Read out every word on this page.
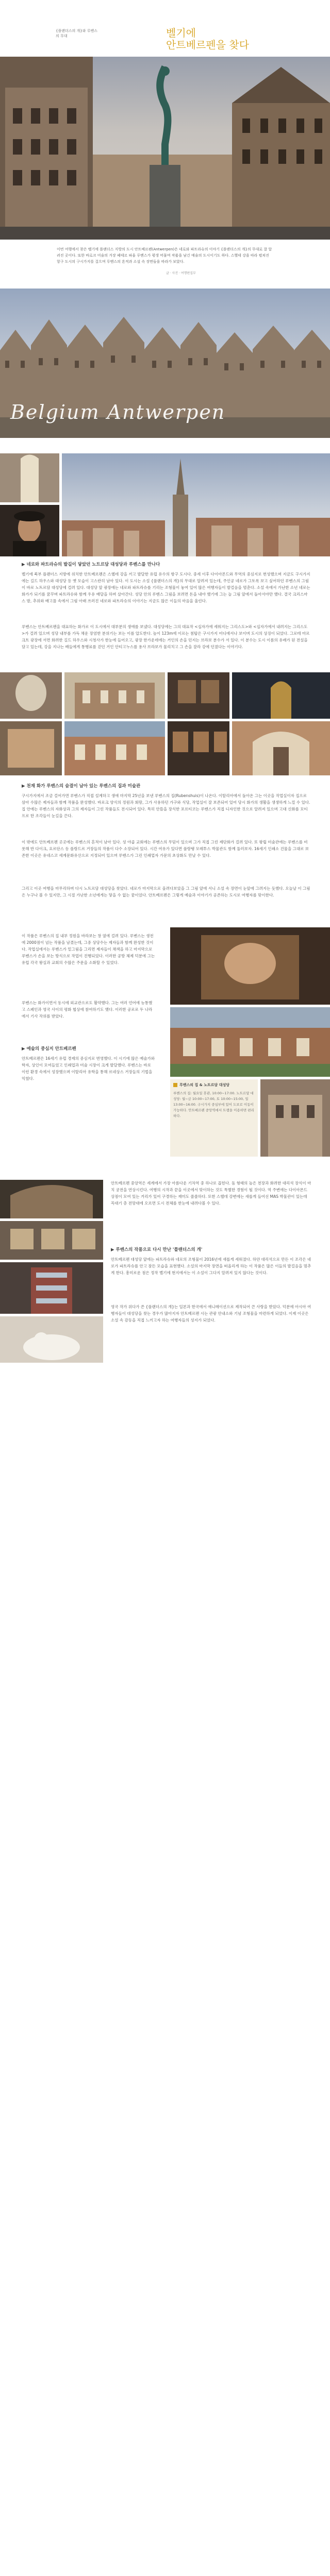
{플랜더스의 개}와 루벤스의 무대	벨기에
안트베르펜을 찾다
이번 여행에서 찾은 벨기에 플랜더스 지방의 도시 안트베르펜(Antwerpen)은 네로와 파트라슈의 이야기 {플랜더스의 개}의 무대로 잘 알려진 곳이다. 또한 바로크 미술의 거장 페테르 파울 루벤스가 평생 머물며 작품을 남긴 예술의 도시이기도 하다. 스헬데 강을 따라 펼쳐진 항구 도시의 구시가지를 걸으며 루벤스의 흔적과 소설 속 장면들을 따라가 보았다.
글 · 사진 · 여행편집부
Belgium Antwerpen
▶ 네로와 파트라슈의 발길이 닿았던 노트르담 대성당과 루벤스를 만나다
벨기에 북부 플랜더스 지방에 위치한 안트베르펜은 스헬데 강을 끼고 발달한 유럽 유수의 항구 도시다. 중세 이후 다이아몬드와 무역의 중심지로 번성했으며 지금도 구시가지에는 길드 하우스와 대성당 등 옛 모습이 고스란히 남아 있다. 이 도시는 소설 {플랜더스의 개}의 무대로 알려져 있는데, 주인공 네로가 그토록 보고 싶어하던 루벤스의 그림이 바로 노트르담 대성당에 걸려 있다. 대성당 앞 광장에는 네로와 파트라슈를 기리는 조형물이 놓여 있어 많은 여행자들이 발걸음을 멈춘다. 소설 속에서 가난한 소년 네로는 화가가 되기를 꿈꾸며 파트라슈와 함께 우유 배달을 하며 살아간다. 성당 안의 루벤스 그림을 보려면 돈을 내야 했기에 그는 늘 그림 앞에서 돌아서야만 했다. 결국 크리스마스 밤, 추위와 배고픔 속에서 그림 아래 쓰러진 네로와 파트라슈의 이야기는 지금도 많은 이들의 마음을 울린다.
루벤스는 안트베르펜을 대표하는 화가로 이 도시에서 대부분의 생애를 보냈다. 대성당에는 그의 대표작 <십자가에 세워지는 그리스도>와 <십자가에서 내려지는 그리스도>가 걸려 있으며 성당 내부를 가득 채운 장엄한 분위기는 보는 이를 압도한다. 높이 123m에 이르는 첨탑은 구시가지 어디에서나 보이며 도시의 상징이 되었다. 그로테 마르크트 광장에 서면 화려한 길드 하우스와 시청사가 한눈에 들어오고, 광장 한가운데에는 거인의 손을 던지는 브라보 분수가 서 있다. 이 분수는 도시 이름의 유래가 된 전설을 담고 있는데, 강을 지나는 배들에게 통행료를 걷던 거인 안티고누스를 용사 브라보가 물리치고 그 손을 잘라 강에 던졌다는 이야기다.
▶ 천재 화가 루벤스의 숨결이 남아 있는 루벤스의 집과 미술관
구시가지에서 조금 걸어가면 루벤스가 직접 설계하고 생애 마지막 25년을 보낸 루벤스의 집(Rubenshuis)이 나온다. 이탈리아에서 돌아온 그는 이곳을 작업실이자 집으로 삼아 수많은 제자들과 함께 작품을 완성했다. 바로크 양식의 정원과 회랑, 그가 사용하던 가구와 식당, 작업실이 잘 보존되어 있어 당시 화가의 생활을 생생하게 느낄 수 있다. 집 안에는 루벤스의 자화상과 그의 제자들이 그린 작품들도 전시되어 있다. 특히 안뜰을 장식한 포르티코는 루벤스가 직접 디자인한 것으로 알려져 있으며 고대 신화를 모티프로 한 조각들이 눈길을 끈다.
이 밖에도 안트베르펜 곳곳에는 루벤스의 흔적이 남아 있다. 성 야곱 교회에는 루벤스의 무덤이 있으며 그가 직접 그린 제단화가 걸려 있다. 또 왕립 미술관에는 루벤스를 비롯해 반 다이크, 요르단스 등 플랑드르 거장들의 작품이 다수 소장되어 있다. 시간 여유가 있다면 플랑탱 모레투스 박물관도 함께 둘러보자. 16세기 인쇄소 건물을 그대로 보존한 이곳은 유네스코 세계문화유산으로 지정되어 있으며 루벤스가 그린 인쇄업자 가문의 초상화도 만날 수 있다.
그리고 이곳 여행을 마무리하며 다시 노트르담 대성당을 찾았다. 네로가 마지막으로 올려다보았을 그 그림 앞에 서니 소설 속 장면이 눈앞에 그려지는 듯했다. 오늘날 이 그림은 누구나 볼 수 있지만, 그 시절 가난한 소년에게는 닿을 수 없는 꿈이었다. 안트베르펜은 그렇게 예술과 이야기가 공존하는 도시로 여행자를 맞이한다.
이 작품은 루벤스의 집 내부 정원을 바라보는 창 옆에 걸려 있다. 루벤스는 생전에 2000점이 넘는 작품을 남겼는데, 그중 상당수는 제자들과 함께 완성한 것이다. 작업실에서는 루벤스가 밑그림을 그리면 제자들이 채색을 하고 마지막으로 루벤스가 손을 보는 방식으로 작업이 진행되었다. 이러한 공방 체제 덕분에 그는 유럽 각국 왕실과 교회의 수많은 주문을 소화할 수 있었다.
루벤스는 화가이면서 동시에 외교관으로도 활약했다. 그는 여러 언어에 능통했고 스페인과 영국 사이의 평화 협상에 참여하기도 했다. 이러한 공로로 두 나라에서 기사 작위를 받았다.
▶ 예술의 중심지 안트베르펜
안트베르펜은 16세기 유럽 경제의 중심지로 번영했다. 이 시기에 많은 예술가와 학자, 상인이 모여들었고 인쇄업과 미술 시장이 크게 발달했다. 루벤스는 바로 이런 환경 속에서 성장했으며 이탈리아 유학을 통해 르네상스 거장들의 기법을 익혔다.
루벤스의 집 & 노트르담 대성당
루벤스의 집: 월요일 휴관, 10:00~17:00. 노트르담 대성당: 월~금 10:00~17:00, 토 10:00~15:00, 일 13:00~16:00. 구시가지 중심부에 있어 도보로 이동이 가능하다. 안트베르펜 중앙역에서 트램을 이용하면 편리하다.
안트베르펜 중앙역은 세계에서 가장 아름다운 기차역 중 하나로 꼽힌다. 돔 형태의 높은 천장과 화려한 대리석 장식이 마치 궁전을 연상시킨다. 여행의 시작과 끝을 이곳에서 맞이하는 것도 특별한 경험이 될 것이다. 역 주변에는 다이아몬드 상점이 모여 있는 거리가 있어 구경하는 재미도 쏠쏠하다. 또한 스헬데 강변에는 새롭게 들어선 MAS 박물관이 있는데 꼭대기 층 전망대에 오르면 도시 전체를 한눈에 내려다볼 수 있다.
▶ 루벤스의 작품으로 다시 만난 '플랜더스의 개'
안트베르펜 대성당 앞에는 파트라슈와 네로의 조형물이 2016년에 새롭게 세워졌다. 하얀 대리석으로 만든 이 조각은 네로가 파트라슈를 안고 잠든 모습을 표현했다. 소설의 마지막 장면을 떠올리게 하는 이 작품은 많은 이들의 발걸음을 멈추게 한다. 흥미로운 점은 정작 벨기에 현지에서는 이 소설이 그다지 알려져 있지 않다는 것이다.
영국 작가 위다가 쓴 {플랜더스의 개}는 일본과 한국에서 애니메이션으로 제작되어 큰 사랑을 받았다. 덕분에 아시아 여행자들이 대성당을 찾는 경우가 많아지자 안트베르펜 시는 관광 안내소와 기념 조형물을 마련하게 되었다. 이제 이곳은 소설 속 감동을 직접 느끼고자 하는 여행자들의 성지가 되었다.
